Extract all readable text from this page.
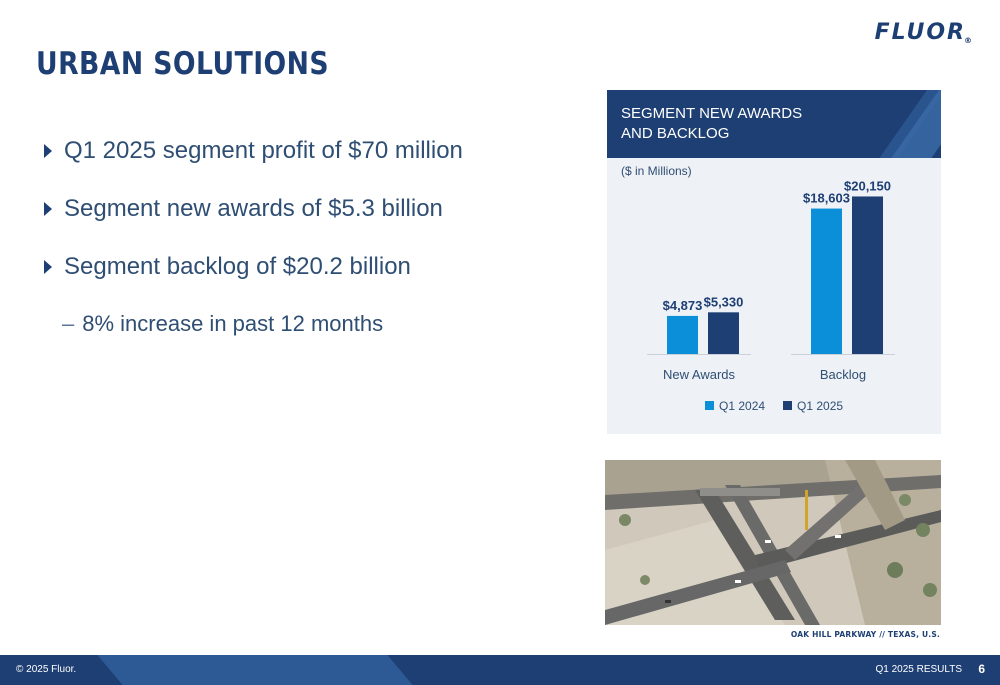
FLUOR®
URBAN SOLUTIONS
Q1 2025 segment profit of $70 million
Segment new awards of $5.3 billion
Segment backlog of $20.2 billion
– 8% increase in past 12 months
SEGMENT NEW AWARDS
AND BACKLOG
($ in Millions)
$4,873 $5,330
New Awards
$18,603
$20,150
Backlog
Q1 2024	Q1 2025
OAK HILL PARKWAY // TEXAS, U.S.
© 2025 Fluor.	Q1 2025 RESULTS 6
